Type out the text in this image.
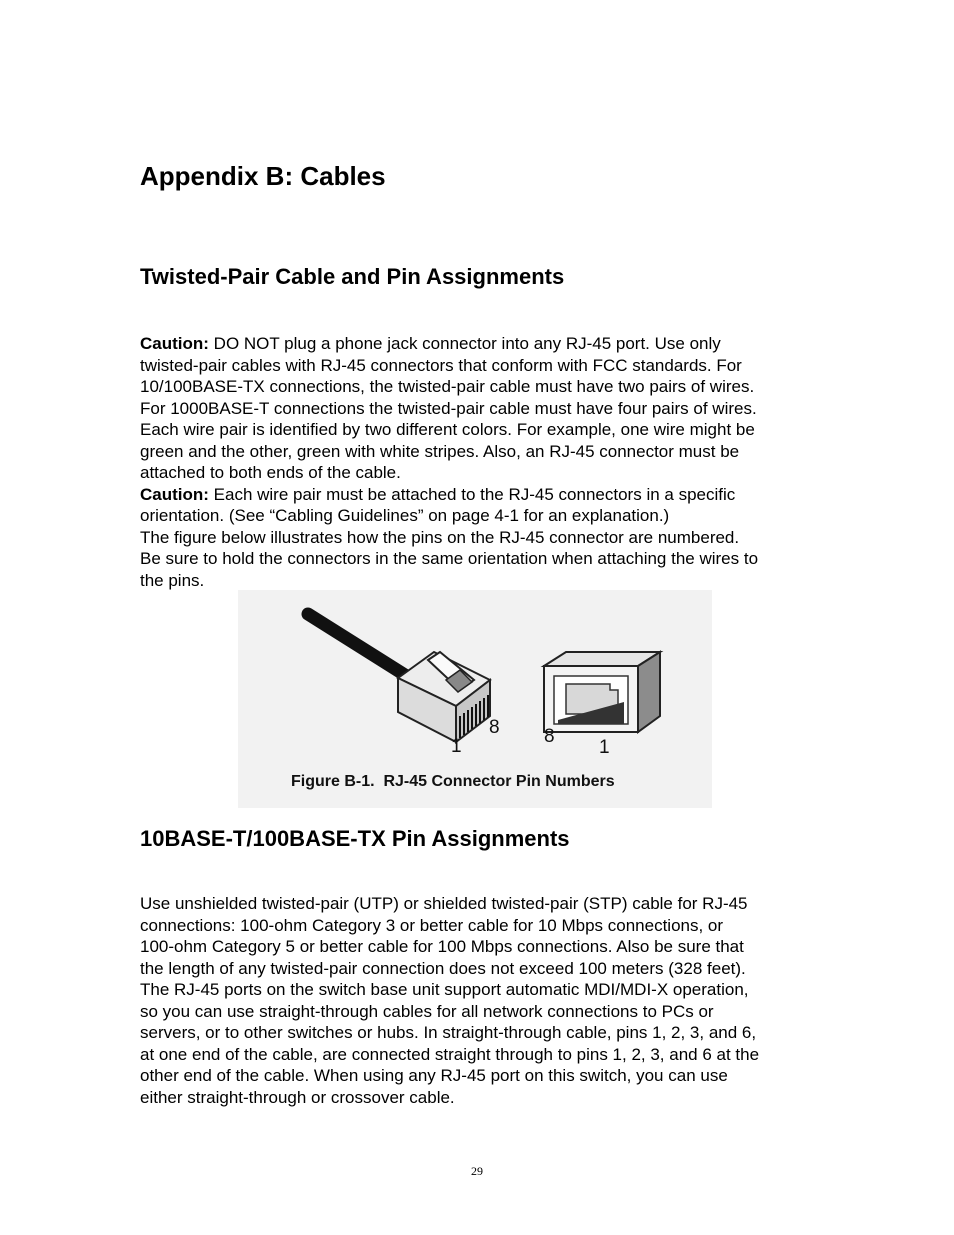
Appendix B: Cables
Twisted-Pair Cable and Pin Assignments

Caution: DO NOT plug a phone jack connector into any RJ-45 port. Use only

twisted-pair cables with RJ-45 connectors that conform with FCC standards. For

10/100BASE-TX connections, the twisted-pair cable must have two pairs of wires.

For 1000BASE-T connections the twisted-pair cable must have four pairs of wires.

Each wire pair is identified by two different colors. For example, one wire might be

green and the other, green with white stripes. Also, an RJ-45 connector must be

attached to both ends of the cable.

Caution: Each wire pair must be attached to the RJ-45 connectors in a specific

orientation. (See “Cabling Guidelines” on page 4-1 for an explanation.)

The figure below illustrates how the pins on the RJ-45 connector are numbered.

Be sure to hold the connectors in the same orientation when attaching the wires to

the pins.

1
8 8
1
Figure B-1.  RJ-45 Connector Pin Numbers
10BASE-T/100BASE-TX Pin Assignments

Use unshielded twisted-pair (UTP) or shielded twisted-pair (STP) cable for RJ-45

connections: 100-ohm Category 3 or better cable for 10 Mbps connections, or

100-ohm Category 5 or better cable for 100 Mbps connections. Also be sure that

the length of any twisted-pair connection does not exceed 100 meters (328 feet).

The RJ-45 ports on the switch base unit support automatic MDI/MDI-X operation,

so you can use straight-through cables for all network connections to PCs or

servers, or to other switches or hubs. In straight-through cable, pins 1, 2, 3, and 6,

at one end of the cable, are connected straight through to pins 1, 2, 3, and 6 at the

other end of the cable. When using any RJ-45 port on this switch, you can use

either straight-through or crossover cable.

29
